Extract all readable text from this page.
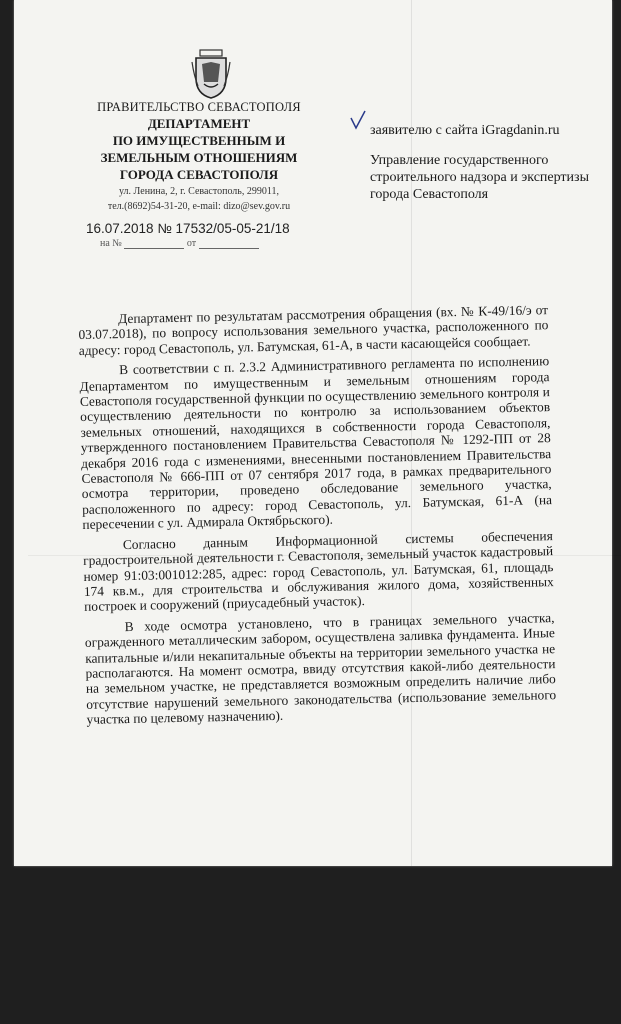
ПРАВИТЕЛЬСТВО СЕВАСТОПОЛЯ
ДЕПАРТАМЕНТ
ПО ИМУЩЕСТВЕННЫМ И
ЗЕМЕЛЬНЫМ ОТНОШЕНИЯМ
ГОРОДА СЕВАСТОПОЛЯ
ул. Ленина, 2, г. Севастополь, 299011,
тел.(8692)54-31-20, e-mail: dizo@sev.gov.ru
16.07.2018 № 17532/05-05-21/18
на №	от
заявителю с сайта iGragdanin.ru
Управление государственного строительного надзора и экспертизы города Севастополя

Департамент по результатам рассмотрения обращения (вх. № К-49/16/э от 03.07.2018), по вопросу использования земельного участка, расположенного по адресу: город Севастополь, ул. Батумская, 61-А, в части касающейся сообщает.

В соответствии с п. 2.3.2 Административного регламента по исполнению Департаментом по имущественным и земельным отношениям города Севастополя государственной функции по осуществлению земельного контроля и осуществлению деятельности по контролю за использованием объектов земельных отношений, находящихся в собственности города Севастополя, утвержденного постановлением Правительства Севастополя № 1292-ПП от 28 декабря 2016 года с изменениями, внесенными постановлением Правительства Севастополя № 666-ПП от 07 сентября 2017 года, в рамках предварительного осмотра территории, проведено обследование земельного участка, расположенного по адресу: город Севастополь, ул. Батумская, 61-А (на пересечении с ул. Адмирала Октябрьского).

Согласно данным Информационной системы обеспечения градостроительной деятельности г. Севастополя, земельный участок кадастровый номер 91:03:001012:285, адрес: город Севастополь, ул. Батумская, 61, площадь 174 кв.м., для строительства и обслуживания жилого дома, хозяйственных построек и сооружений (приусадебный участок).

В ходе осмотра установлено, что в границах земельного участка, огражденного металлическим забором, осуществлена заливка фундамента. Иные капитальные и/или некапитальные объекты на территории земельного участка не располагаются. На момент осмотра, ввиду отсутствия какой-либо деятельности на земельном участке, не представляется возможным определить наличие либо отсутствие нарушений земельного законодательства (использование земельного участка по целевому назначению).
